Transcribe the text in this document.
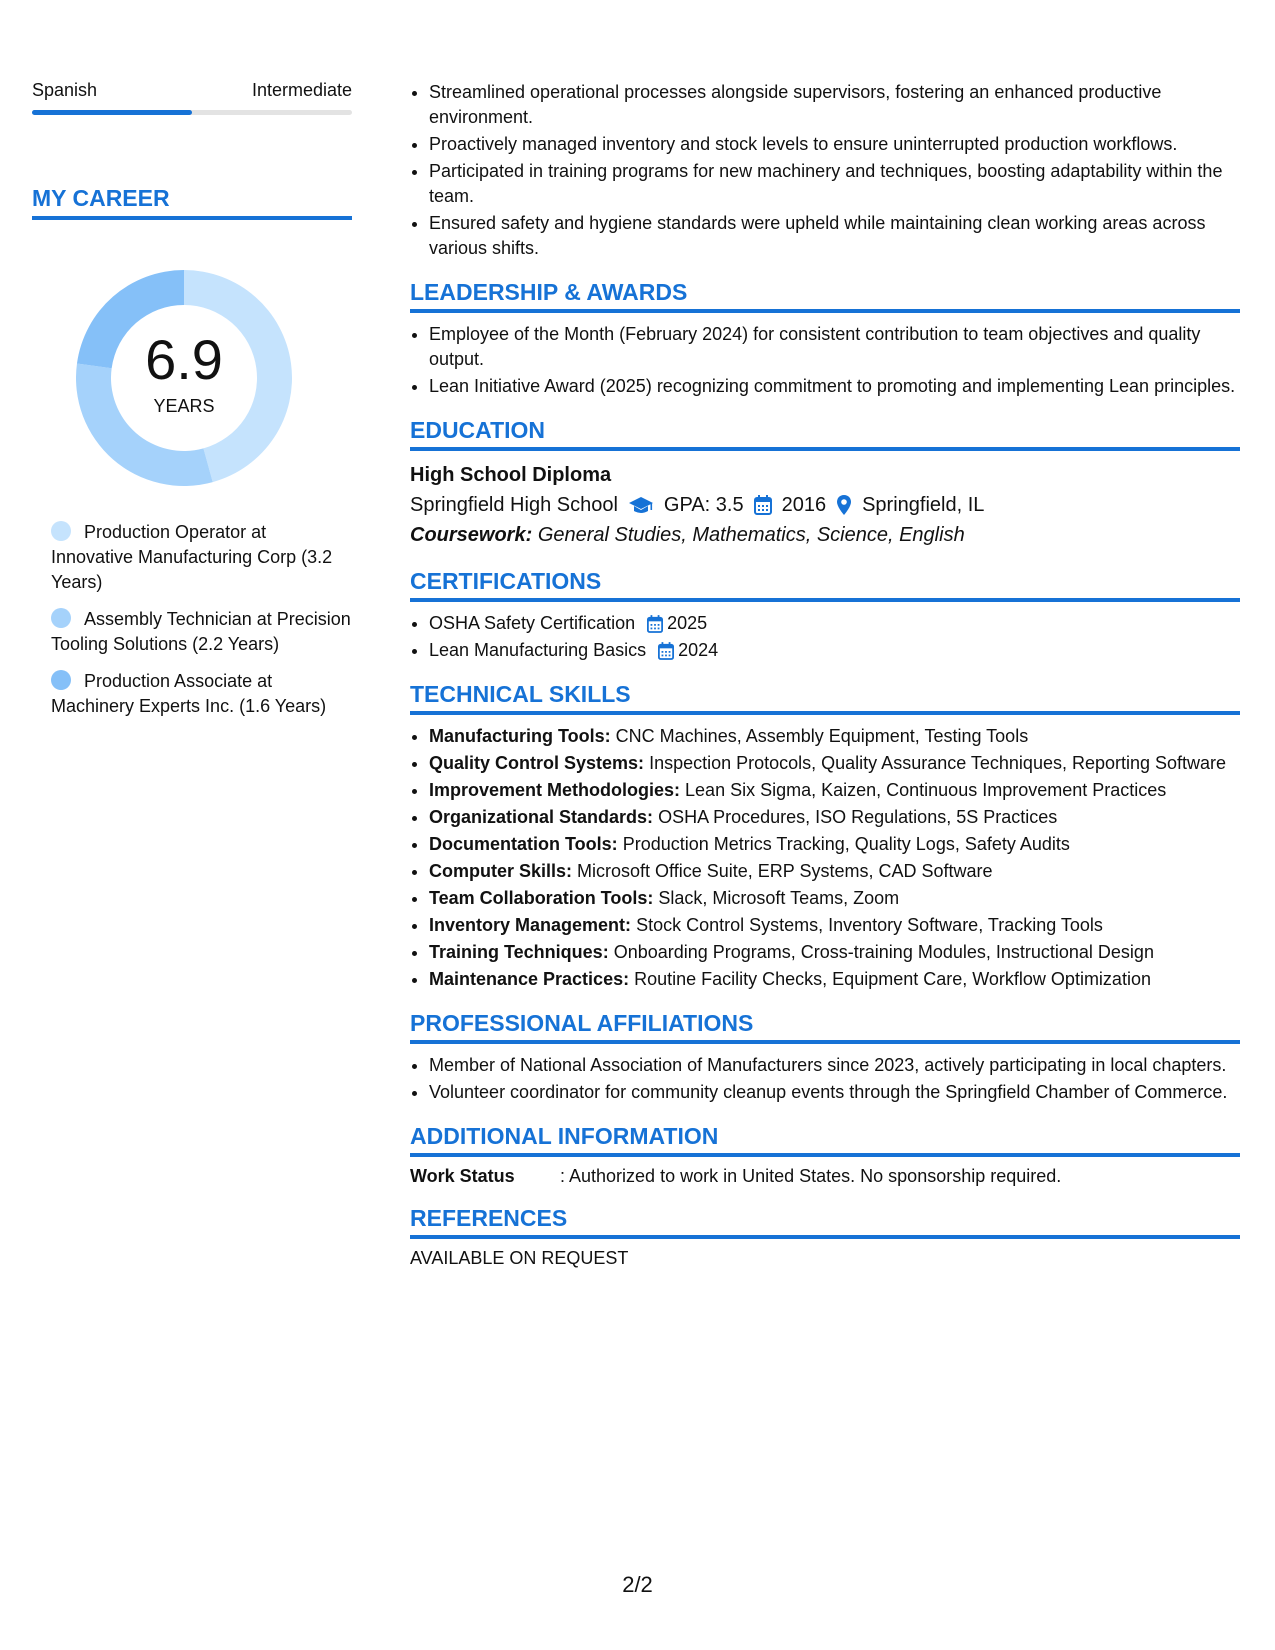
Spanish	Intermediate
MY CAREER
6.9
YEARS
Production Operator at Innovative Manufacturing Corp (3.2 Years)
Assembly Technician at Precision Tooling Solutions (2.2 Years)
Production Associate at Machinery Experts Inc. (1.6 Years)
• Streamlined operational processes alongside supervisors, fostering an enhanced productive environment.
• Proactively managed inventory and stock levels to ensure uninterrupted production workflows.
• Participated in training programs for new machinery and techniques, boosting adaptability within the team.
• Ensured safety and hygiene standards were upheld while maintaining clean working areas across various shifts.
LEADERSHIP & AWARDS
• Employee of the Month (February 2024) for consistent contribution to team objectives and quality output.
• Lean Initiative Award (2025) recognizing commitment to promoting and implementing Lean principles.
EDUCATION
High School Diploma
Springfield High School GPA: 3.5 2016 Springfield, IL
Coursework: General Studies, Mathematics, Science, English
CERTIFICATIONS
• OSHA Safety Certification 2025
• Lean Manufacturing Basics 2024
TECHNICAL SKILLS
• Manufacturing Tools: CNC Machines, Assembly Equipment, Testing Tools
• Quality Control Systems: Inspection Protocols, Quality Assurance Techniques, Reporting Software
• Improvement Methodologies: Lean Six Sigma, Kaizen, Continuous Improvement Practices
• Organizational Standards: OSHA Procedures, ISO Regulations, 5S Practices
• Documentation Tools: Production Metrics Tracking, Quality Logs, Safety Audits
• Computer Skills: Microsoft Office Suite, ERP Systems, CAD Software
• Team Collaboration Tools: Slack, Microsoft Teams, Zoom
• Inventory Management: Stock Control Systems, Inventory Software, Tracking Tools
• Training Techniques: Onboarding Programs, Cross-training Modules, Instructional Design
• Maintenance Practices: Routine Facility Checks, Equipment Care, Workflow Optimization
PROFESSIONAL AFFILIATIONS
• Member of National Association of Manufacturers since 2023, actively participating in local chapters.
• Volunteer coordinator for community cleanup events through the Springfield Chamber of Commerce.
ADDITIONAL INFORMATION
Work Status	: Authorized to work in United States. No sponsorship required.
REFERENCES
AVAILABLE ON REQUEST
2/2
